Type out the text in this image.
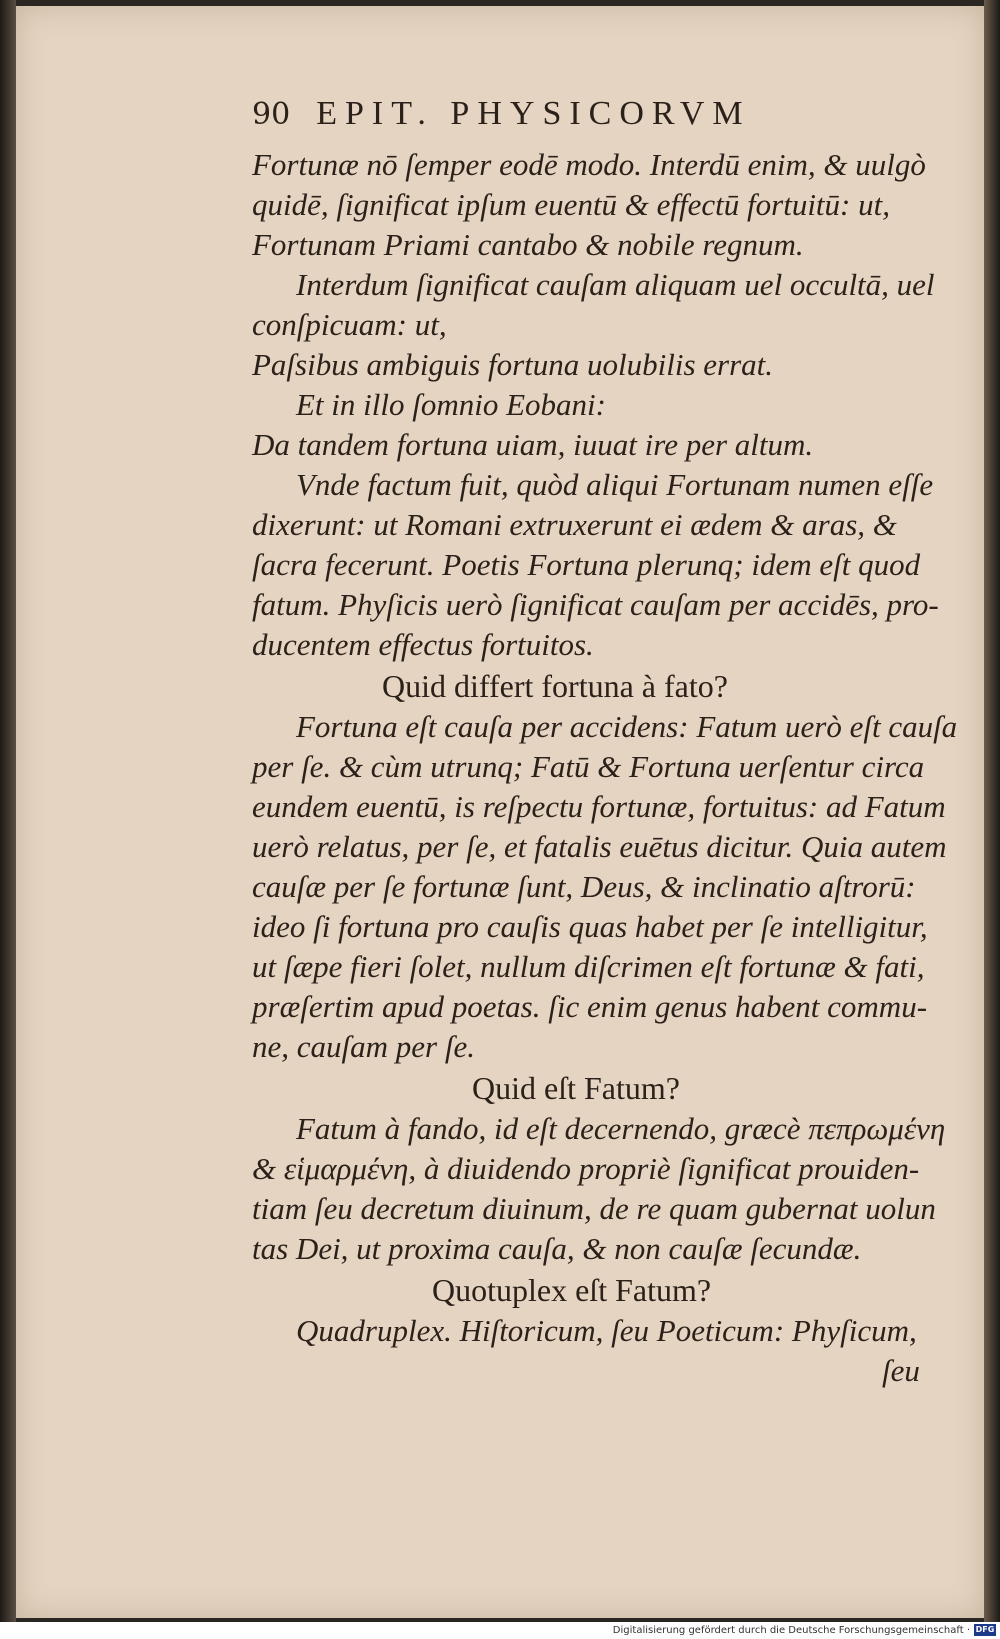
90 EPIT. PHYSICORVM
Fortunæ nō ſemper eodē modo. Interdū enim, & uulgò
quidē, ſignificat ipſum euentū & effectū fortuitū: ut,
Fortunam Priami cantabo & nobile regnum.
Interdum ſignificat cauſam aliquam uel occultā, uel
conſpicuam: ut,
Paſsibus ambiguis fortuna uolubilis errat.
Et in illo ſomnio Eobani:
Da tandem fortuna uiam, iuuat ire per altum.
Vnde factum fuit, quòd aliqui Fortunam numen eſſe
dixerunt: ut Romani extruxerunt ei ædem & aras, &
ſacra fecerunt. Poetis Fortuna plerunq; idem eſt quod
fatum. Phyſicis uerò ſignificat cauſam per accidēs, pro-
ducentem effectus fortuitos.
Quid differt fortuna à fato?
Fortuna eſt cauſa per accidens: Fatum uerò eſt cauſa
per ſe. & cùm utrunq; Fatū & Fortuna uerſentur circa
eundem euentū, is reſpectu fortunæ, fortuitus: ad Fatum
uerò relatus, per ſe, et fatalis euētus dicitur. Quia autem
cauſæ per ſe fortunæ ſunt, Deus, & inclinatio aſtrorū:
ideo ſi fortuna pro cauſis quas habet per ſe intelligitur,
ut ſæpe fieri ſolet, nullum diſcrimen eſt fortunæ & fati,
præſertim apud poetas. ſic enim genus habent commu-
ne, cauſam per ſe.
Quid eſt Fatum?
Fatum à fando, id eſt decernendo, græcè πεπρωμένη
& εἱμαρμένη, à diuidendo propriè ſignificat prouiden-
tiam ſeu decretum diuinum, de re quam gubernat uolun
tas Dei, ut proxima cauſa, & non cauſæ ſecundæ.
Quotuplex eſt Fatum?
Quadruplex. Hiſtoricum, ſeu Poeticum: Phyſicum,
ſeu
Digitalisierung gefördert durch die Deutsche Forschungsgemeinschaft · DFG
